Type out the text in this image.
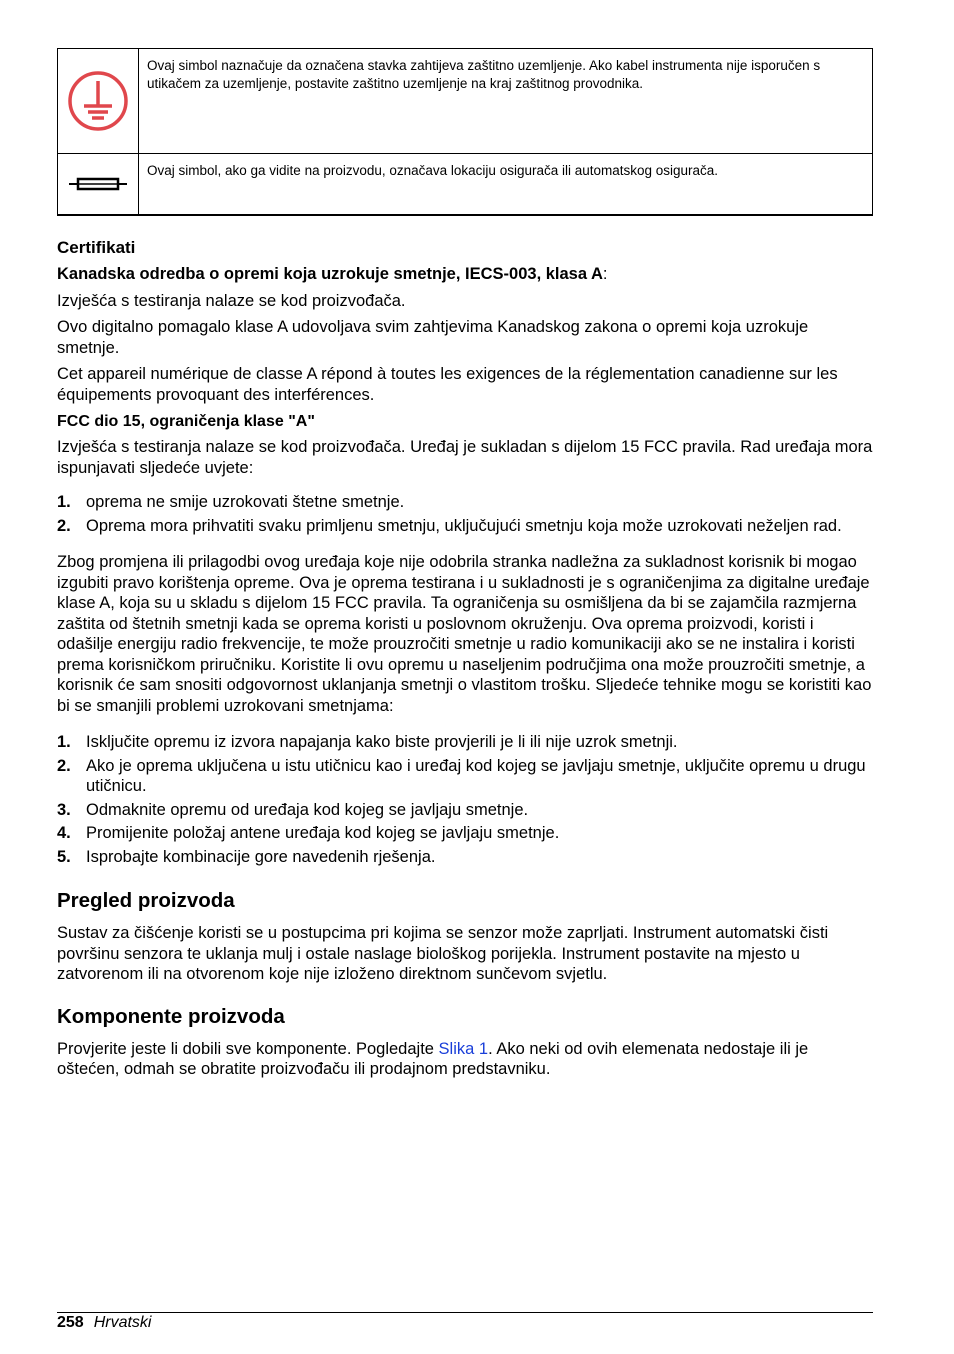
	Ovaj simbol naznačuje da označena stavka zahtijeva zaštitno uzemljenje. Ako kabel instrumenta nije isporučen s utikačem za uzemljenje, postavite zaštitno uzemljenje na kraj zaštitnog provodnika.

	Ovaj simbol, ako ga vidite na proizvodu, označava lokaciju osigurača ili automatskog osigurača.
Certifikati

Kanadska odredba o opremi koja uzrokuje smetnje, IECS-003, klasa A:

Izvješća s testiranja nalaze se kod proizvođača.

Ovo digitalno pomagalo klase A udovoljava svim zahtjevima Kanadskog zakona o opremi koja uzrokuje smetnje.

Cet appareil numérique de classe A répond à toutes les exigences de la réglementation canadienne sur les équipements provoquant des interférences.

FCC dio 15, ograničenja klase "A"

Izvješća s testiranja nalaze se kod proizvođača. Uređaj je sukladan s dijelom 15 FCC pravila. Rad uređaja mora ispunjavati sljedeće uvjete:

1. oprema ne smije uzrokovati štetne smetnje.
2. Oprema mora prihvatiti svaku primljenu smetnju, uključujući smetnju koja može uzrokovati neželjen rad.

Zbog promjena ili prilagodbi ovog uređaja koje nije odobrila stranka nadležna za sukladnost korisnik bi mogao izgubiti pravo korištenja opreme. Ova je oprema testirana i u sukladnosti je s ograničenjima za digitalne uređaje klase A, koja su u skladu s dijelom 15 FCC pravila. Ta ograničenja su osmišljena da bi se zajamčila razmjerna zaštita od štetnih smetnji kada se oprema koristi u poslovnom okruženju. Ova oprema proizvodi, koristi i odašilje energiju radio frekvencije, te može prouzročiti smetnje u radio komunikaciji ako se ne instalira i koristi prema korisničkom priručniku. Koristite li ovu opremu u naseljenim područjima ona može prouzročiti smetnje, a korisnik će sam snositi odgovornost uklanjanja smetnji o vlastitom trošku. Sljedeće tehnike mogu se koristiti kao bi se smanjili problemi uzrokovani smetnjama:

1. Isključite opremu iz izvora napajanja kako biste provjerili je li ili nije uzrok smetnji.
2. Ako je oprema uključena u istu utičnicu kao i uređaj kod kojeg se javljaju smetnje, uključite opremu u drugu utičnicu.
3. Odmaknite opremu od uređaja kod kojeg se javljaju smetnje.
4. Promijenite položaj antene uređaja kod kojeg se javljaju smetnje.
5. Isprobajte kombinacije gore navedenih rješenja.
Pregled proizvoda

Sustav za čišćenje koristi se u postupcima pri kojima se senzor može zaprljati. Instrument automatski čisti površinu senzora te uklanja mulj i ostale naslage biološkog porijekla. Instrument postavite na mjesto u zatvorenom ili na otvorenom koje nije izloženo direktnom sunčevom svjetlu.

Komponente proizvoda

Provjerite jeste li dobili sve komponente. Pogledajte Slika 1. Ako neki od ovih elemenata nedostaje ili je oštećen, odmah se obratite proizvođaču ili prodajnom predstavniku.

258 Hrvatski
